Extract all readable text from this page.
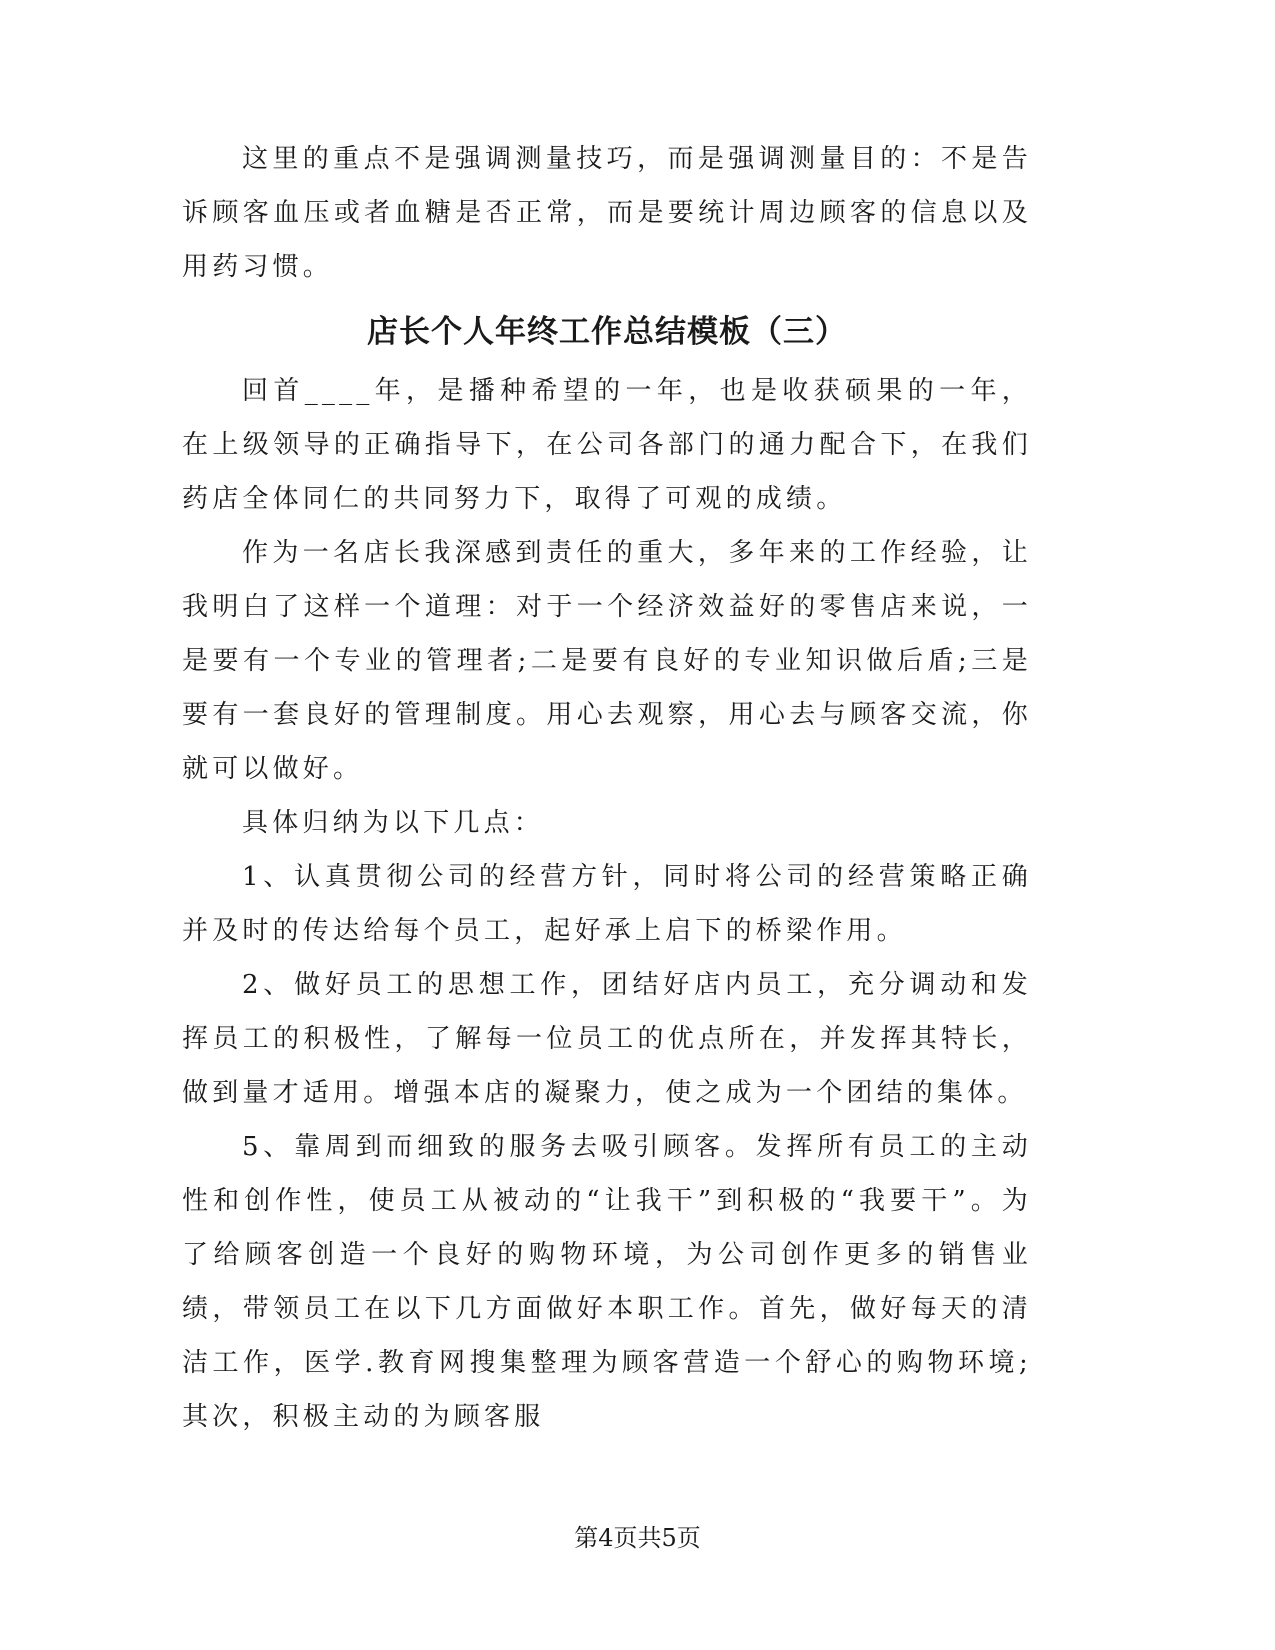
这里的重点不是强调测量技巧，而是强调测量目的：不是告诉顾客血压或者血糖是否正常，而是要统计周边顾客的信息以及用药习惯。

店长个人年终工作总结模板（三）

回首____年，是播种希望的一年，也是收获硕果的一年，在上级领导的正确指导下，在公司各部门的通力配合下，在我们药店全体同仁的共同努力下，取得了可观的成绩。

作为一名店长我深感到责任的重大，多年来的工作经验，让我明白了这样一个道理：对于一个经济效益好的零售店来说，一是要有一个专业的管理者;二是要有良好的专业知识做后盾;三是要有一套良好的管理制度。用心去观察，用心去与顾客交流，你就可以做好。

具体归纳为以下几点：

1、认真贯彻公司的经营方针，同时将公司的经营策略正确并及时的传达给每个员工，起好承上启下的桥梁作用。

2、做好员工的思想工作，团结好店内员工，充分调动和发挥员工的积极性，了解每一位员工的优点所在，并发挥其特长，做到量才适用。增强本店的凝聚力，使之成为一个团结的集体。

5、靠周到而细致的服务去吸引顾客。发挥所有员工的主动性和创作性，使员工从被动的“让我干”到积极的“我要干”。为了给顾客创造一个良好的购物环境，为公司创作更多的销售业绩，带领员工在以下几方面做好本职工作。首先，做好每天的清洁工作，医学.教育网搜集整理为顾客营造一个舒心的购物环境;其次，积极主动的为顾客服

第4页共5页
